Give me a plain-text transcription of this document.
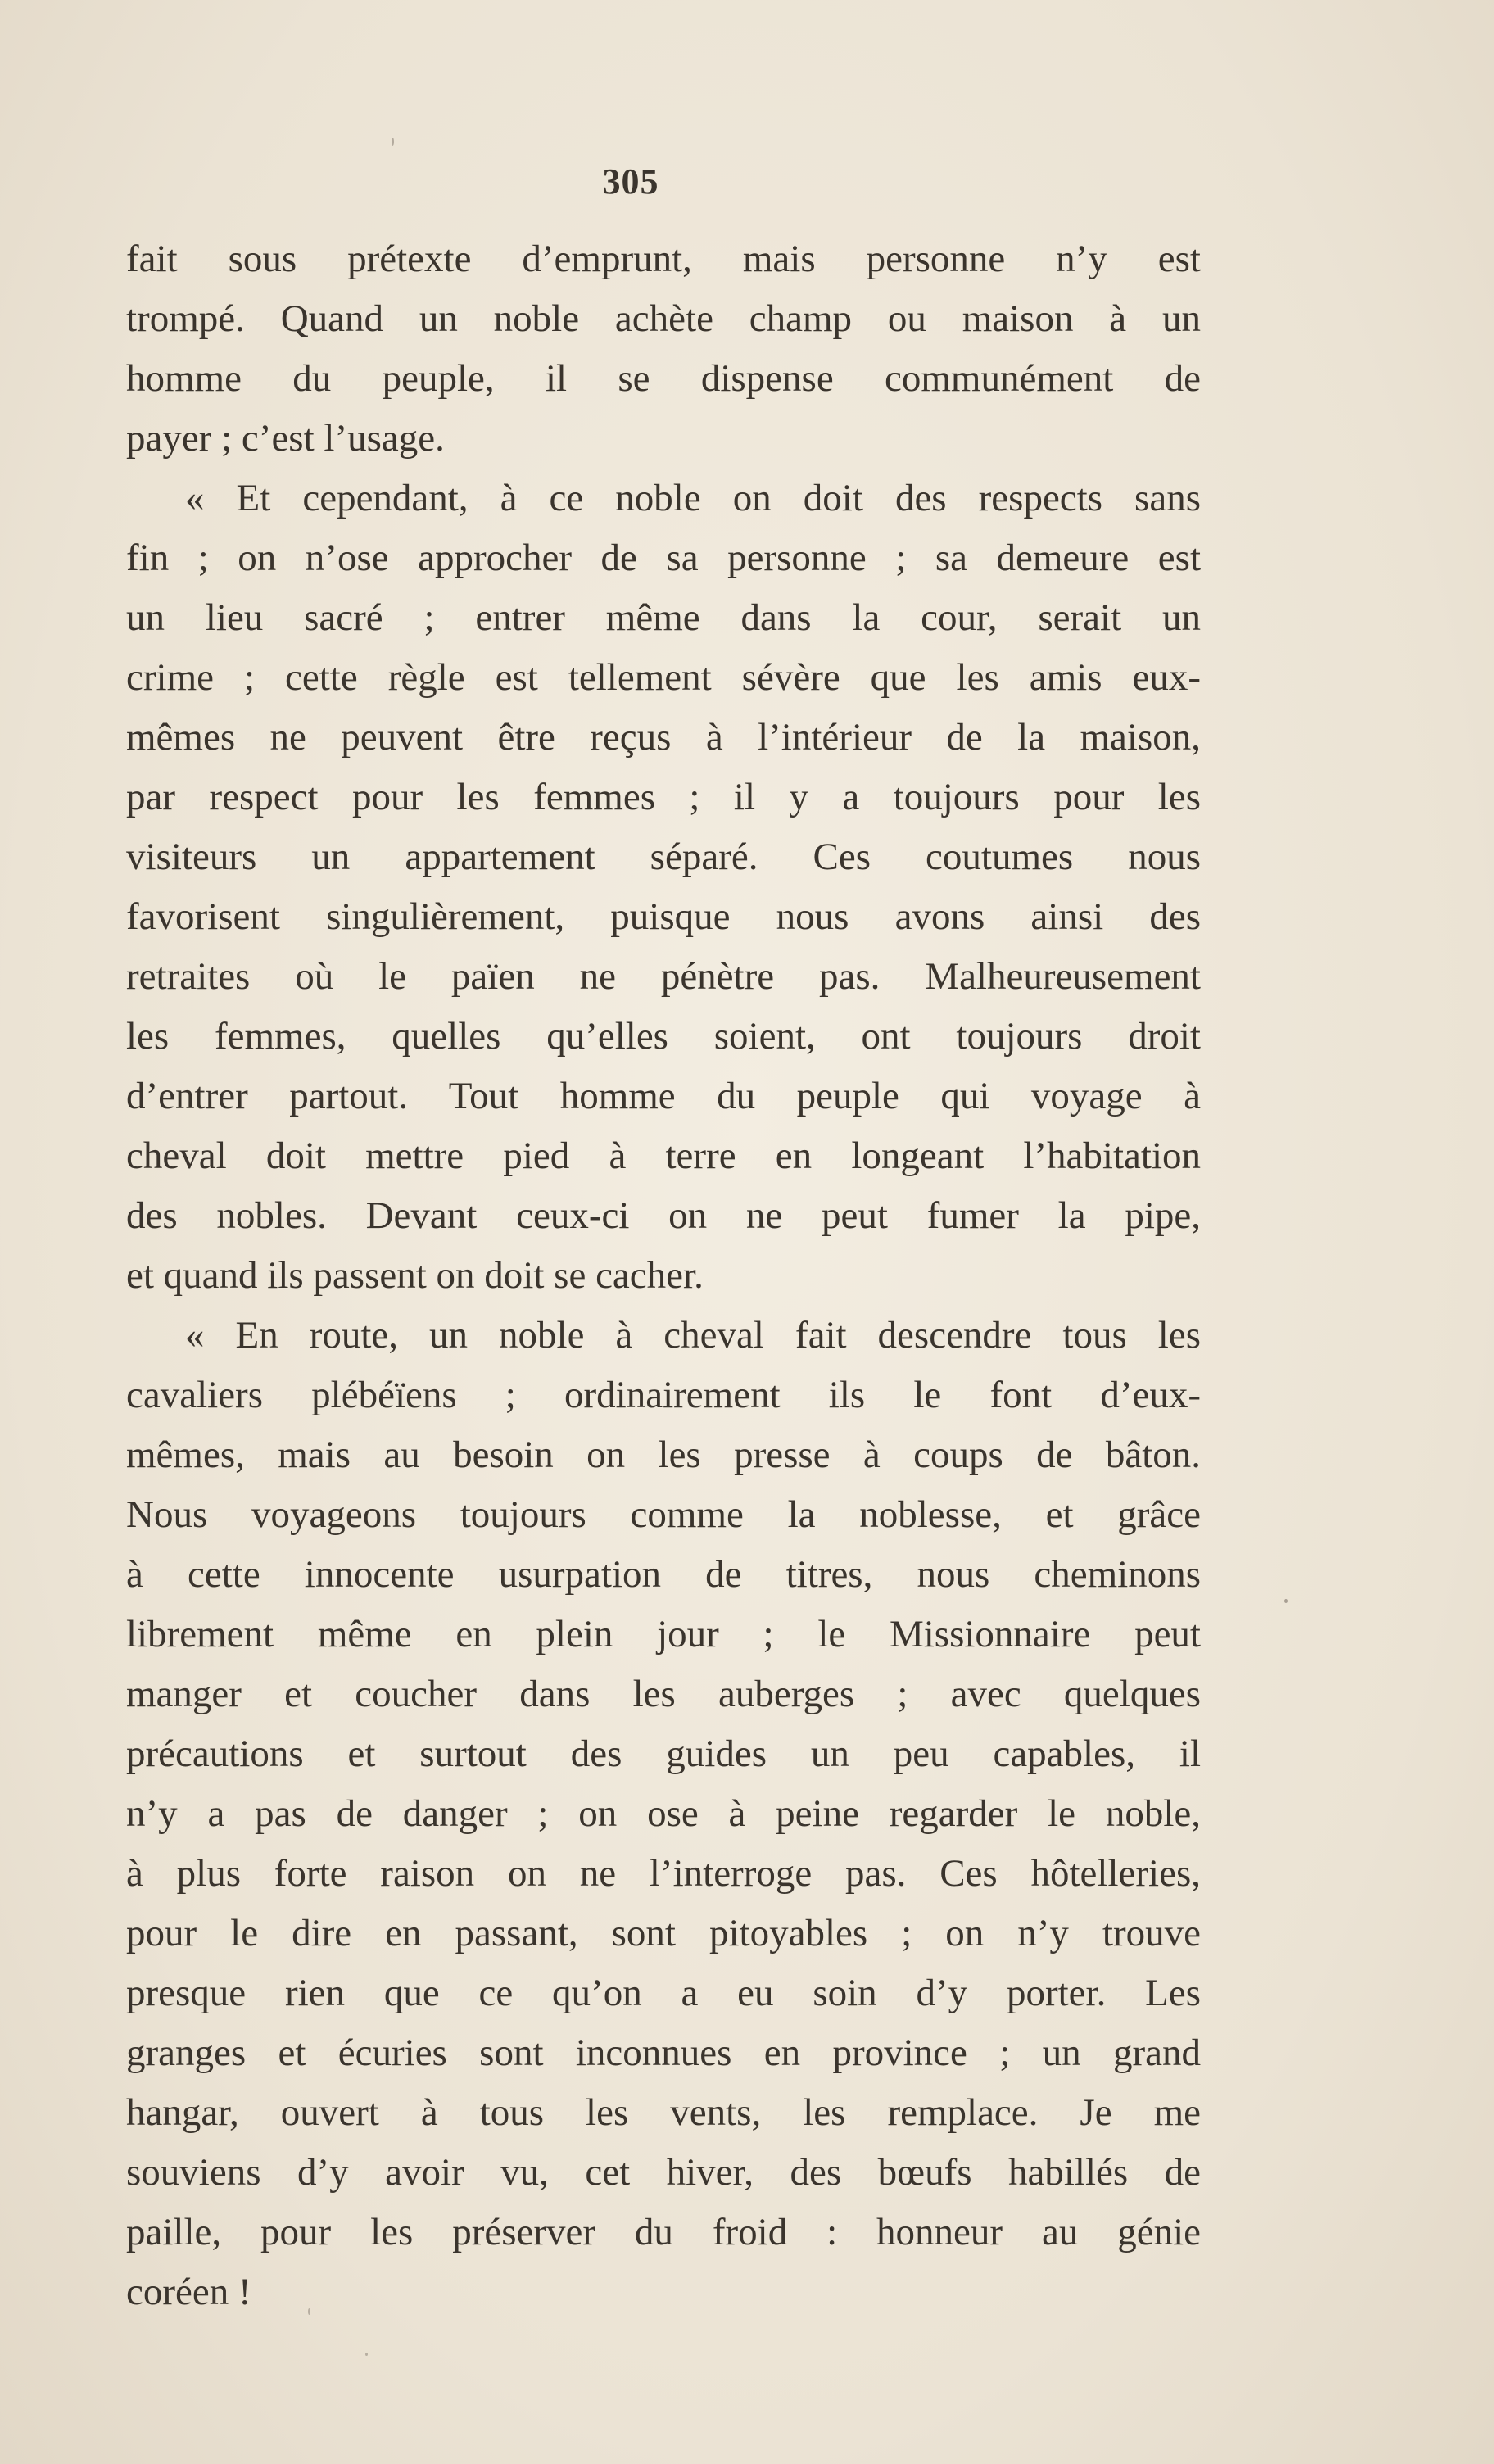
305
fait sous prétexte d’emprunt, mais personne n’y est
trompé. Quand un noble achète champ ou maison à un
homme du peuple, il se dispense communément de
payer ; c’est l’usage.
« Et cependant, à ce noble on doit des respects sans
fin ; on n’ose approcher de sa personne ; sa demeure est
un lieu sacré ; entrer même dans la cour, serait un
crime ; cette règle est tellement sévère que les amis eux-
mêmes ne peuvent être reçus à l’intérieur de la maison,
par respect pour les femmes ; il y a toujours pour les
visiteurs un appartement séparé. Ces coutumes nous
favorisent singulièrement, puisque nous avons ainsi des
retraites où le païen ne pénètre pas. Malheureusement
les femmes, quelles qu’elles soient, ont toujours droit
d’entrer partout. Tout homme du peuple qui voyage à
cheval doit mettre pied à terre en longeant l’habitation
des nobles. Devant ceux-ci on ne peut fumer la pipe,
et quand ils passent on doit se cacher.
« En route, un noble à cheval fait descendre tous les
cavaliers plébéïens ; ordinairement ils le font d’eux-
mêmes, mais au besoin on les presse à coups de bâton.
Nous voyageons toujours comme la noblesse, et grâce
à cette innocente usurpation de titres, nous cheminons
librement même en plein jour ; le Missionnaire peut
manger et coucher dans les auberges ; avec quelques
précautions et surtout des guides un peu capables, il
n’y a pas de danger ; on ose à peine regarder le noble,
à plus forte raison on ne l’interroge pas. Ces hôtelleries,
pour le dire en passant, sont pitoyables ; on n’y trouve
presque rien que ce qu’on a eu soin d’y porter. Les
granges et écuries sont inconnues en province ; un grand
hangar, ouvert à tous les vents, les remplace. Je me
souviens d’y avoir vu, cet hiver, des bœufs habillés de
paille, pour les préserver du froid : honneur au génie
coréen !
